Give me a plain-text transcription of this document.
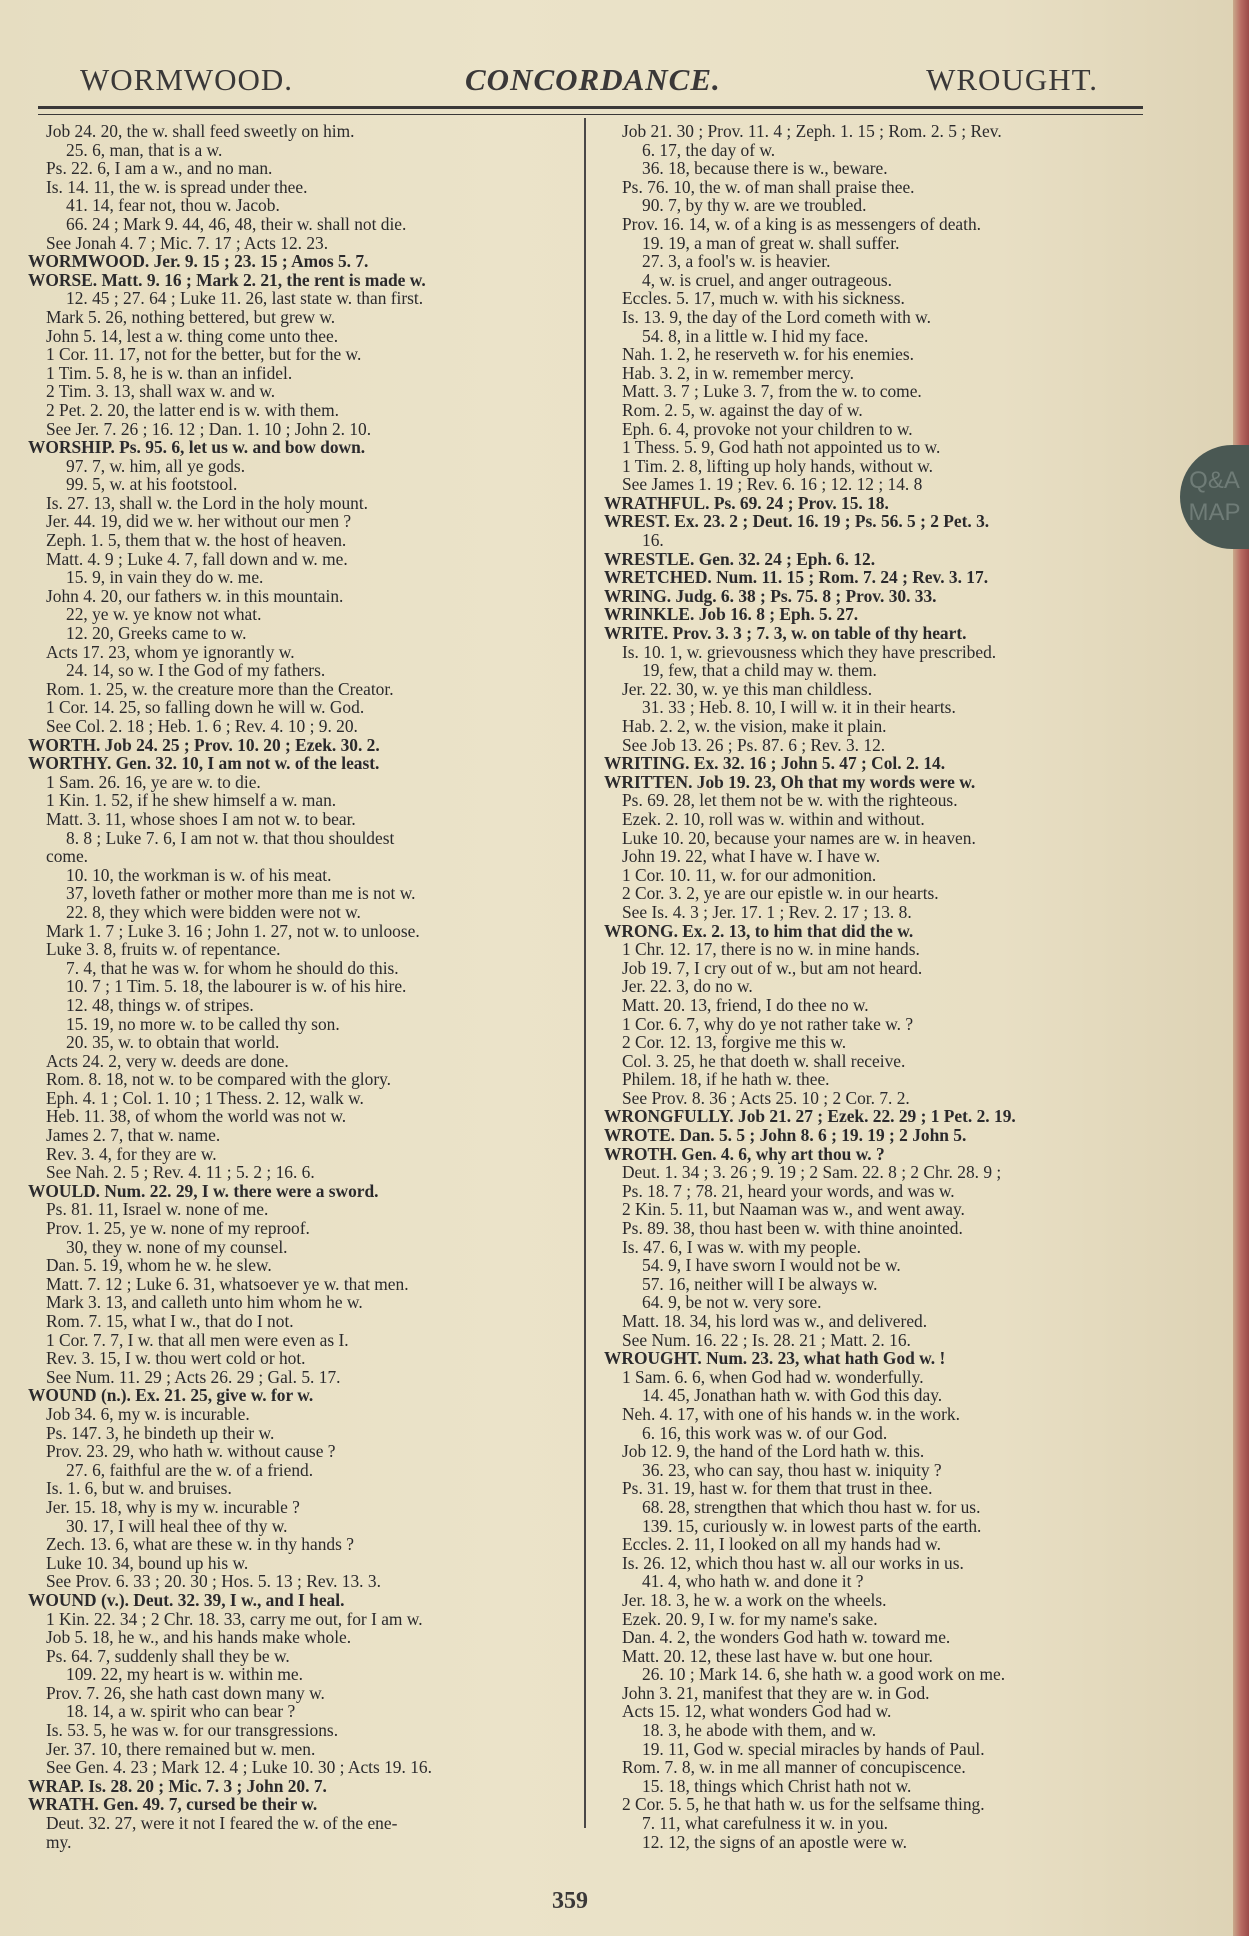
WORMWOOD.	CONCORDANCE.	WROUGHT.
Job 24. 20, the w. shall feed sweetly on him.
25. 6, man, that is a w.
Ps. 22. 6, I am a w., and no man.
Is. 14. 11, the w. is spread under thee.
41. 14, fear not, thou w. Jacob.
66. 24 ; Mark 9. 44, 46, 48, their w. shall not die.
See Jonah 4. 7 ; Mic. 7. 17 ; Acts 12. 23.
WORMWOOD. Jer. 9. 15 ; 23. 15 ; Amos 5. 7.
WORSE. Matt. 9. 16 ; Mark 2. 21, the rent is made w.
12. 45 ; 27. 64 ; Luke 11. 26, last state w. than first.
Mark 5. 26, nothing bettered, but grew w.
John 5. 14, lest a w. thing come unto thee.
1 Cor. 11. 17, not for the better, but for the w.
1 Tim. 5. 8, he is w. than an infidel.
2 Tim. 3. 13, shall wax w. and w.
2 Pet. 2. 20, the latter end is w. with them.
See Jer. 7. 26 ; 16. 12 ; Dan. 1. 10 ; John 2. 10.
WORSHIP. Ps. 95. 6, let us w. and bow down.
97. 7, w. him, all ye gods.
99. 5, w. at his footstool.
Is. 27. 13, shall w. the Lord in the holy mount.
Jer. 44. 19, did we w. her without our men ?
Zeph. 1. 5, them that w. the host of heaven.
Matt. 4. 9 ; Luke 4. 7, fall down and w. me.
15. 9, in vain they do w. me.
John 4. 20, our fathers w. in this mountain.
22, ye w. ye know not what.
12. 20, Greeks came to w.
Acts 17. 23, whom ye ignorantly w.
24. 14, so w. I the God of my fathers.
Rom. 1. 25, w. the creature more than the Creator.
1 Cor. 14. 25, so falling down he will w. God.
See Col. 2. 18 ; Heb. 1. 6 ; Rev. 4. 10 ; 9. 20.
WORTH. Job 24. 25 ; Prov. 10. 20 ; Ezek. 30. 2.
WORTHY. Gen. 32. 10, I am not w. of the least.
1 Sam. 26. 16, ye are w. to die.
1 Kin. 1. 52, if he shew himself a w. man.
Matt. 3. 11, whose shoes I am not w. to bear.
8. 8 ; Luke 7. 6, I am not w. that thou shouldest
come.
10. 10, the workman is w. of his meat.
37, loveth father or mother more than me is not w.
22. 8, they which were bidden were not w.
Mark 1. 7 ; Luke 3. 16 ; John 1. 27, not w. to unloose.
Luke 3. 8, fruits w. of repentance.
7. 4, that he was w. for whom he should do this.
10. 7 ; 1 Tim. 5. 18, the labourer is w. of his hire.
12. 48, things w. of stripes.
15. 19, no more w. to be called thy son.
20. 35, w. to obtain that world.
Acts 24. 2, very w. deeds are done.
Rom. 8. 18, not w. to be compared with the glory.
Eph. 4. 1 ; Col. 1. 10 ; 1 Thess. 2. 12, walk w.
Heb. 11. 38, of whom the world was not w.
James 2. 7, that w. name.
Rev. 3. 4, for they are w.
See Nah. 2. 5 ; Rev. 4. 11 ; 5. 2 ; 16. 6.
WOULD. Num. 22. 29, I w. there were a sword.
Ps. 81. 11, Israel w. none of me.
Prov. 1. 25, ye w. none of my reproof.
30, they w. none of my counsel.
Dan. 5. 19, whom he w. he slew.
Matt. 7. 12 ; Luke 6. 31, whatsoever ye w. that men.
Mark 3. 13, and calleth unto him whom he w.
Rom. 7. 15, what I w., that do I not.
1 Cor. 7. 7, I w. that all men were even as I.
Rev. 3. 15, I w. thou wert cold or hot.
See Num. 11. 29 ; Acts 26. 29 ; Gal. 5. 17.
WOUND (n.). Ex. 21. 25, give w. for w.
Job 34. 6, my w. is incurable.
Ps. 147. 3, he bindeth up their w.
Prov. 23. 29, who hath w. without cause ?
27. 6, faithful are the w. of a friend.
Is. 1. 6, but w. and bruises.
Jer. 15. 18, why is my w. incurable ?
30. 17, I will heal thee of thy w.
Zech. 13. 6, what are these w. in thy hands ?
Luke 10. 34, bound up his w.
See Prov. 6. 33 ; 20. 30 ; Hos. 5. 13 ; Rev. 13. 3.
WOUND (v.). Deut. 32. 39, I w., and I heal.
1 Kin. 22. 34 ; 2 Chr. 18. 33, carry me out, for I am w.
Job 5. 18, he w., and his hands make whole.
Ps. 64. 7, suddenly shall they be w.
109. 22, my heart is w. within me.
Prov. 7. 26, she hath cast down many w.
18. 14, a w. spirit who can bear ?
Is. 53. 5, he was w. for our transgressions.
Jer. 37. 10, there remained but w. men.
See Gen. 4. 23 ; Mark 12. 4 ; Luke 10. 30 ; Acts 19. 16.
WRAP. Is. 28. 20 ; Mic. 7. 3 ; John 20. 7.
WRATH. Gen. 49. 7, cursed be their w.
Deut. 32. 27, were it not I feared the w. of the ene-
my.
Job 21. 30 ; Prov. 11. 4 ; Zeph. 1. 15 ; Rom. 2. 5 ; Rev.
6. 17, the day of w.
36. 18, because there is w., beware.
Ps. 76. 10, the w. of man shall praise thee.
90. 7, by thy w. are we troubled.
Prov. 16. 14, w. of a king is as messengers of death.
19. 19, a man of great w. shall suffer.
27. 3, a fool's w. is heavier.
4, w. is cruel, and anger outrageous.
Eccles. 5. 17, much w. with his sickness.
Is. 13. 9, the day of the Lord cometh with w.
54. 8, in a little w. I hid my face.
Nah. 1. 2, he reserveth w. for his enemies.
Hab. 3. 2, in w. remember mercy.
Matt. 3. 7 ; Luke 3. 7, from the w. to come.
Rom. 2. 5, w. against the day of w.
Eph. 6. 4, provoke not your children to w.
1 Thess. 5. 9, God hath not appointed us to w.
1 Tim. 2. 8, lifting up holy hands, without w.
See James 1. 19 ; Rev. 6. 16 ; 12. 12 ; 14. 8
WRATHFUL. Ps. 69. 24 ; Prov. 15. 18.
WREST. Ex. 23. 2 ; Deut. 16. 19 ; Ps. 56. 5 ; 2 Pet. 3.
16.
WRESTLE. Gen. 32. 24 ; Eph. 6. 12.
WRETCHED. Num. 11. 15 ; Rom. 7. 24 ; Rev. 3. 17.
WRING. Judg. 6. 38 ; Ps. 75. 8 ; Prov. 30. 33.
WRINKLE. Job 16. 8 ; Eph. 5. 27.
WRITE. Prov. 3. 3 ; 7. 3, w. on table of thy heart.
Is. 10. 1, w. grievousness which they have prescribed.
19, few, that a child may w. them.
Jer. 22. 30, w. ye this man childless.
31. 33 ; Heb. 8. 10, I will w. it in their hearts.
Hab. 2. 2, w. the vision, make it plain.
See Job 13. 26 ; Ps. 87. 6 ; Rev. 3. 12.
WRITING. Ex. 32. 16 ; John 5. 47 ; Col. 2. 14.
WRITTEN. Job 19. 23, Oh that my words were w.
Ps. 69. 28, let them not be w. with the righteous.
Ezek. 2. 10, roll was w. within and without.
Luke 10. 20, because your names are w. in heaven.
John 19. 22, what I have w. I have w.
1 Cor. 10. 11, w. for our admonition.
2 Cor. 3. 2, ye are our epistle w. in our hearts.
See Is. 4. 3 ; Jer. 17. 1 ; Rev. 2. 17 ; 13. 8.
WRONG. Ex. 2. 13, to him that did the w.
1 Chr. 12. 17, there is no w. in mine hands.
Job 19. 7, I cry out of w., but am not heard.
Jer. 22. 3, do no w.
Matt. 20. 13, friend, I do thee no w.
1 Cor. 6. 7, why do ye not rather take w. ?
2 Cor. 12. 13, forgive me this w.
Col. 3. 25, he that doeth w. shall receive.
Philem. 18, if he hath w. thee.
See Prov. 8. 36 ; Acts 25. 10 ; 2 Cor. 7. 2.
WRONGFULLY. Job 21. 27 ; Ezek. 22. 29 ; 1 Pet. 2. 19.
WROTE. Dan. 5. 5 ; John 8. 6 ; 19. 19 ; 2 John 5.
WROTH. Gen. 4. 6, why art thou w. ?
Deut. 1. 34 ; 3. 26 ; 9. 19 ; 2 Sam. 22. 8 ; 2 Chr. 28. 9 ;
Ps. 18. 7 ; 78. 21, heard your words, and was w.
2 Kin. 5. 11, but Naaman was w., and went away.
Ps. 89. 38, thou hast been w. with thine anointed.
Is. 47. 6, I was w. with my people.
54. 9, I have sworn I would not be w.
57. 16, neither will I be always w.
64. 9, be not w. very sore.
Matt. 18. 34, his lord was w., and delivered.
See Num. 16. 22 ; Is. 28. 21 ; Matt. 2. 16.
WROUGHT. Num. 23. 23, what hath God w. !
1 Sam. 6. 6, when God had w. wonderfully.
14. 45, Jonathan hath w. with God this day.
Neh. 4. 17, with one of his hands w. in the work.
6. 16, this work was w. of our God.
Job 12. 9, the hand of the Lord hath w. this.
36. 23, who can say, thou hast w. iniquity ?
Ps. 31. 19, hast w. for them that trust in thee.
68. 28, strengthen that which thou hast w. for us.
139. 15, curiously w. in lowest parts of the earth.
Eccles. 2. 11, I looked on all my hands had w.
Is. 26. 12, which thou hast w. all our works in us.
41. 4, who hath w. and done it ?
Jer. 18. 3, he w. a work on the wheels.
Ezek. 20. 9, I w. for my name's sake.
Dan. 4. 2, the wonders God hath w. toward me.
Matt. 20. 12, these last have w. but one hour.
26. 10 ; Mark 14. 6, she hath w. a good work on me.
John 3. 21, manifest that they are w. in God.
Acts 15. 12, what wonders God had w.
18. 3, he abode with them, and w.
19. 11, God w. special miracles by hands of Paul.
Rom. 7. 8, w. in me all manner of concupiscence.
15. 18, things which Christ hath not w.
2 Cor. 5. 5, he that hath w. us for the selfsame thing.
7. 11, what carefulness it w. in you.
12. 12, the signs of an apostle were w.
359
Q&A MAP
